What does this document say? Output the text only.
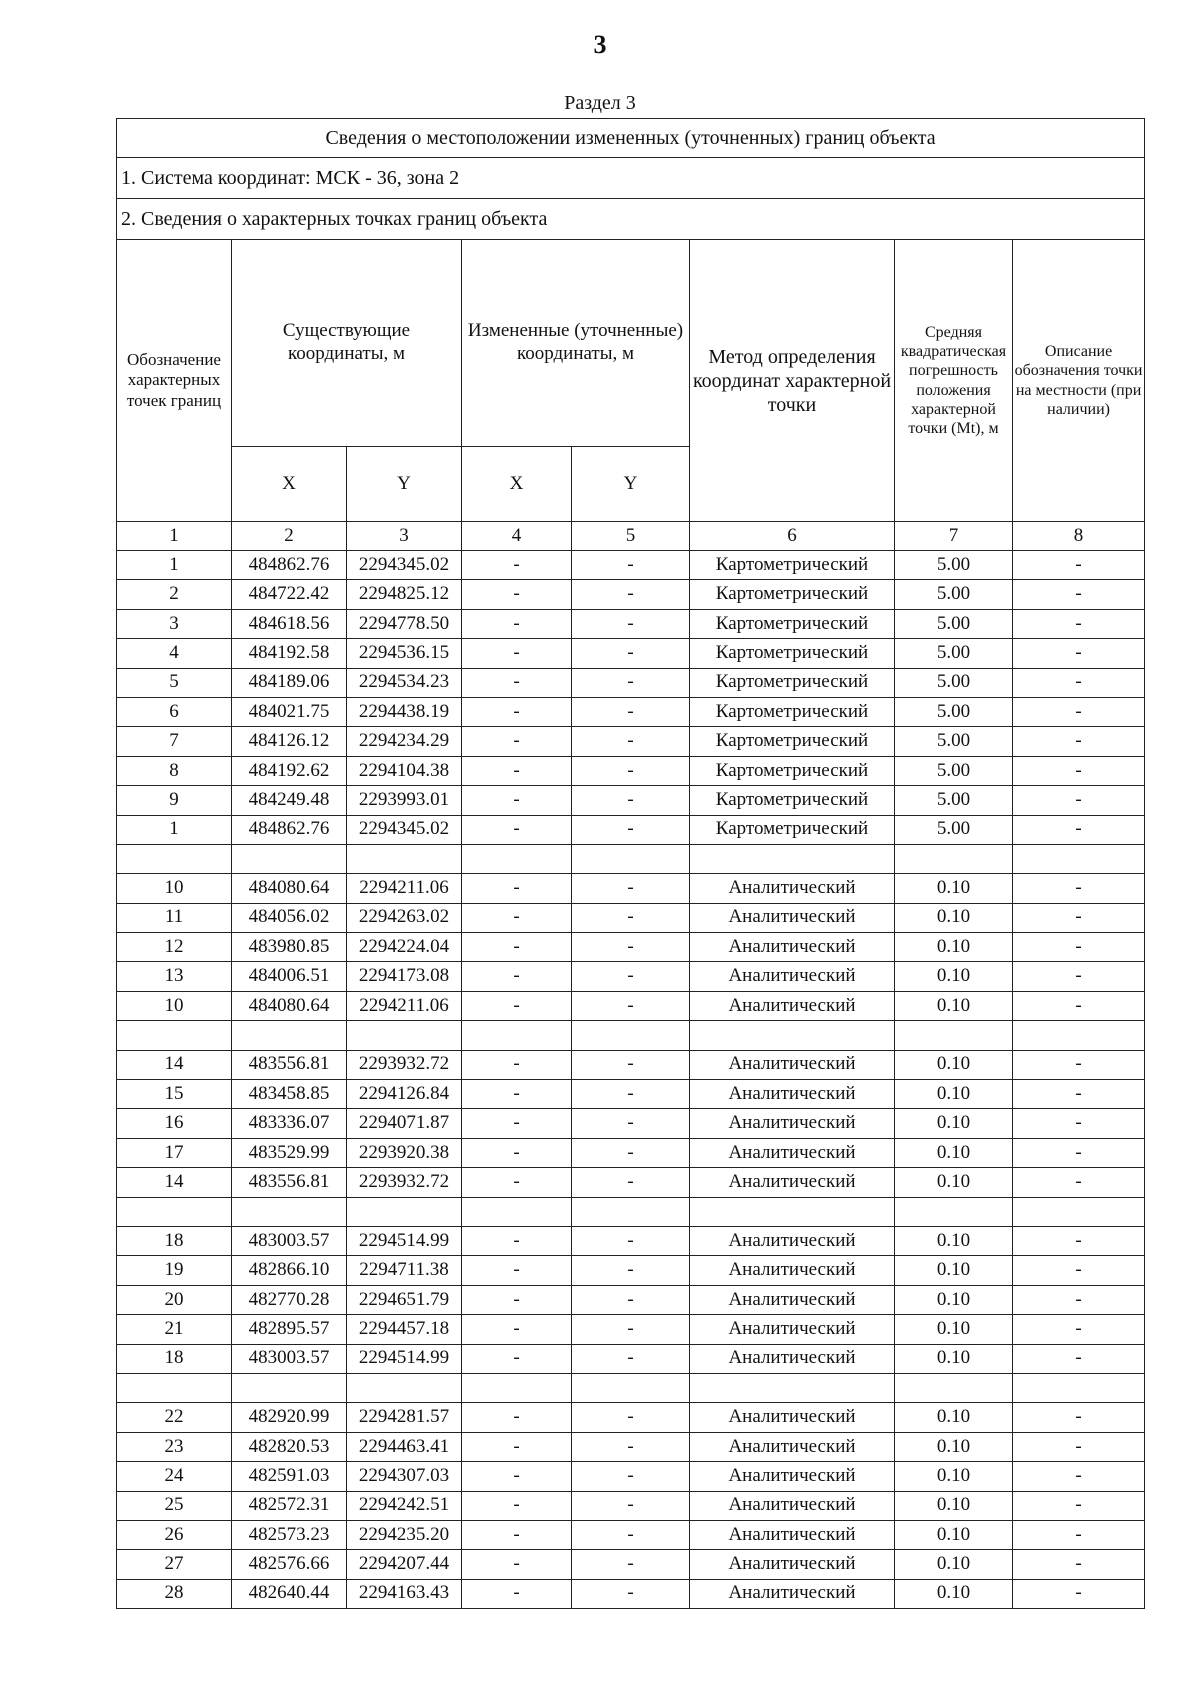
3
Раздел 3
Сведения о местоположении измененных (уточненных) границ объекта							
1. Система координат: МСК - 36, зона 2							
2. Сведения о характерных точках границ объекта							
Обозначение характерных точек границ	Существующие координаты, м		Измененные (уточненные) координаты, м		Метод определения координат характерной точки	Средняя квадратическая погрешность положения характерной точки (Mt), м	Описание обозначения точки на местности (при наличии)
	X	Y	X	Y			
1	2	3	4	5	6	7	8
1	484862.76	2294345.02	-	-	Картометрический	5.00	-
2	484722.42	2294825.12	-	-	Картометрический	5.00	-
3	484618.56	2294778.50	-	-	Картометрический	5.00	-
4	484192.58	2294536.15	-	-	Картометрический	5.00	-
5	484189.06	2294534.23	-	-	Картометрический	5.00	-
6	484021.75	2294438.19	-	-	Картометрический	5.00	-
7	484126.12	2294234.29	-	-	Картометрический	5.00	-
8	484192.62	2294104.38	-	-	Картометрический	5.00	-
9	484249.48	2293993.01	-	-	Картометрический	5.00	-
1	484862.76	2294345.02	-	-	Картометрический	5.00	-

10	484080.64	2294211.06	-	-	Аналитический	0.10	-
11	484056.02	2294263.02	-	-	Аналитический	0.10	-
12	483980.85	2294224.04	-	-	Аналитический	0.10	-
13	484006.51	2294173.08	-	-	Аналитический	0.10	-
10	484080.64	2294211.06	-	-	Аналитический	0.10	-

14	483556.81	2293932.72	-	-	Аналитический	0.10	-
15	483458.85	2294126.84	-	-	Аналитический	0.10	-
16	483336.07	2294071.87	-	-	Аналитический	0.10	-
17	483529.99	2293920.38	-	-	Аналитический	0.10	-
14	483556.81	2293932.72	-	-	Аналитический	0.10	-

18	483003.57	2294514.99	-	-	Аналитический	0.10	-
19	482866.10	2294711.38	-	-	Аналитический	0.10	-
20	482770.28	2294651.79	-	-	Аналитический	0.10	-
21	482895.57	2294457.18	-	-	Аналитический	0.10	-
18	483003.57	2294514.99	-	-	Аналитический	0.10	-

22	482920.99	2294281.57	-	-	Аналитический	0.10	-
23	482820.53	2294463.41	-	-	Аналитический	0.10	-
24	482591.03	2294307.03	-	-	Аналитический	0.10	-
25	482572.31	2294242.51	-	-	Аналитический	0.10	-
26	482573.23	2294235.20	-	-	Аналитический	0.10	-
27	482576.66	2294207.44	-	-	Аналитический	0.10	-
28	482640.44	2294163.43	-	-	Аналитический	0.10	-
